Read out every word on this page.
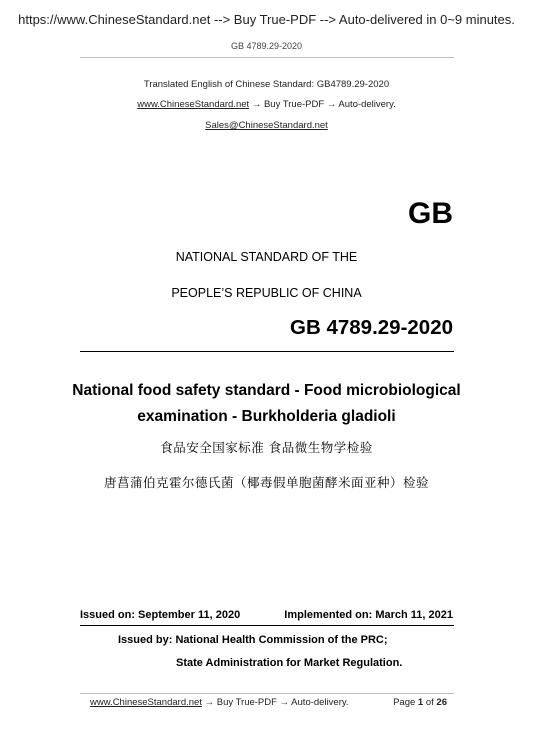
https://www.ChineseStandard.net --> Buy True-PDF --> Auto-delivered in 0~9 minutes.
GB 4789.29-2020
Translated English of Chinese Standard: GB4789.29-2020
www.ChineseStandard.net → Buy True-PDF → Auto-delivery.
Sales@ChineseStandard.net
GB
NATIONAL STANDARD OF THE
PEOPLE’S REPUBLIC OF CHINA
GB 4789.29-2020
National food safety standard - Food microbiological
examination - Burkholderia gladioli
食品安全国家标准 食品微生物学检验
唐菖蒲伯克霍尔德氏菌（椰毒假单胞菌酵米面亚种）检验
Issued on: September 11, 2020	Implemented on: March 11, 2021
Issued by: National Health Commission of the PRC;
State Administration for Market Regulation.
www.ChineseStandard.net → Buy True-PDF → Auto-delivery.	Page 1 of 26
